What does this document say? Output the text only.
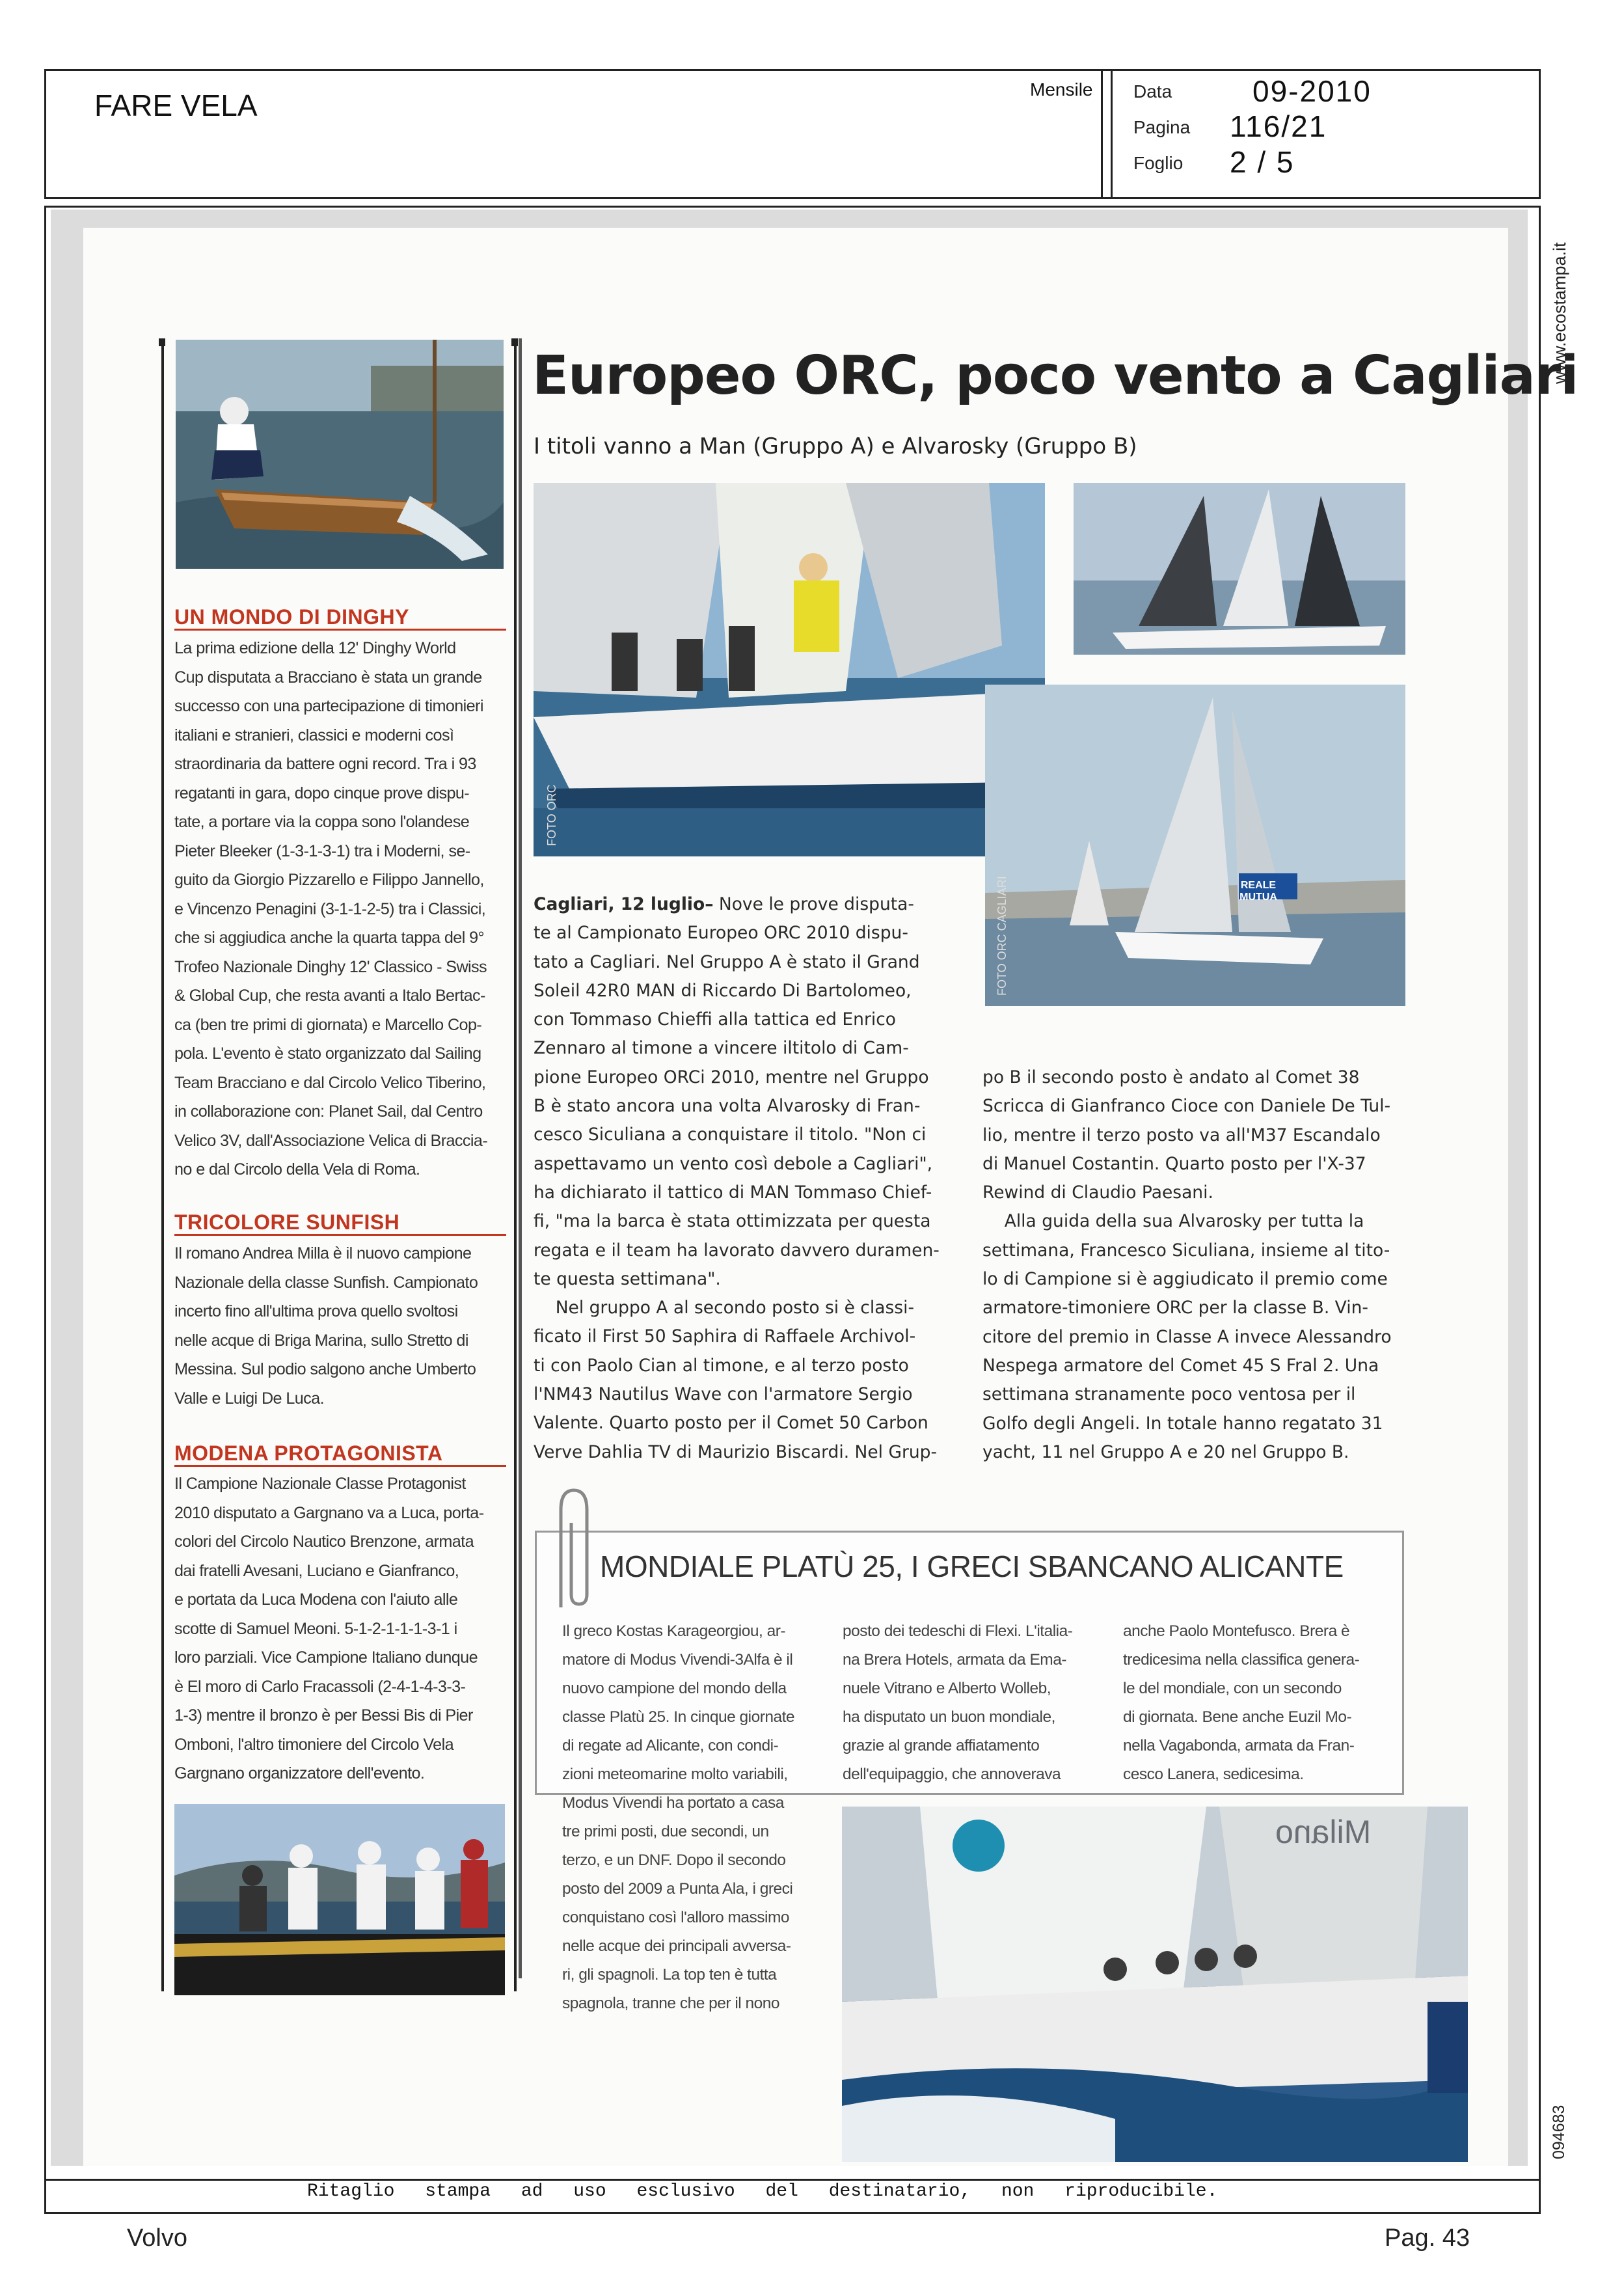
FARE VELA	Mensile Data	09-2010
Pagina 116/21
Foglio 2 / 5
www.ecostampa.it
094683
UN MONDO DI DINGHY
La prima edizione della 12' Dinghy World
Cup disputata a Bracciano è stata un grande
successo con una partecipazione di timonieri
italiani e stranieri, classici e moderni così
straordinaria da battere ogni record. Tra i 93
regatanti in gara, dopo cinque prove dispu-
tate, a portare via la coppa sono l'olandese
Pieter Bleeker (1-3-1-3-1) tra i Moderni, se-
guito da Giorgio Pizzarello e Filippo Jannello,
e Vincenzo Penagini (3-1-1-2-5) tra i Classici,
che si aggiudica anche la quarta tappa del 9°
Trofeo Nazionale Dinghy 12' Classico - Swiss
& Global Cup, che resta avanti a Italo Bertac-
ca (ben tre primi di giornata) e Marcello Cop-
pola. L'evento è stato organizzato dal Sailing
Team Bracciano e dal Circolo Velico Tiberino,
in collaborazione con: Planet Sail, dal Centro
Velico 3V, dall'Associazione Velica di Braccia-
no e dal Circolo della Vela di Roma.
TRICOLORE SUNFISH
Il romano Andrea Milla è il nuovo campione
Nazionale della classe Sunfish. Campionato
incerto fino all'ultima prova quello svoltosi
nelle acque di Briga Marina, sullo Stretto di
Messina. Sul podio salgono anche Umberto
Valle e Luigi De Luca.
MODENA PROTAGONISTA
Il Campione Nazionale Classe Protagonist
2010 disputato a Gargnano va a Luca, porta-
colori del Circolo Nautico Brenzone, armata
dai fratelli Avesani, Luciano e Gianfranco,
e portata da Luca Modena con l'aiuto alle
scotte di Samuel Meoni. 5-1-2-1-1-1-3-1 i
loro parziali. Vice Campione Italiano dunque
è El moro di Carlo Fracassoli (2-4-1-4-3-3-
1-3) mentre il bronzo è per Bessi Bis di Pier
Omboni, l'altro timoniere del Circolo Vela
Gargnano organizzatore dell'evento.
Europeo ORC, poco vento a Cagliari
I titoli vanno a Man (Gruppo A) e Alvarosky (Gruppo B)
FOTO ORC
REALE MUTUA
FOTO ORC CAGLIARI
Cagliari, 12 luglio– Nove le prove disputa-
te al Campionato Europeo ORC 2010 dispu-
tato a Cagliari. Nel Gruppo A è stato il Grand
Soleil 42R0 MAN di Riccardo Di Bartolomeo,
con Tommaso Chieffi alla tattica ed Enrico
Zennaro al timone a vincere iltitolo di Cam-
pione Europeo ORCi 2010, mentre nel Gruppo
B è stato ancora una volta Alvarosky di Fran-
cesco Siculiana a conquistare il titolo. "Non ci
aspettavamo un vento così debole a Cagliari",
ha dichiarato il tattico di MAN Tommaso Chief-
fi, "ma la barca è stata ottimizzata per questa
regata e il team ha lavorato davvero duramen-
te questa settimana".
Nel gruppo A al secondo posto si è classi-
ficato il First 50 Saphira di Raffaele Archivol-
ti con Paolo Cian al timone, e al terzo posto
l'NM43 Nautilus Wave con l'armatore Sergio
Valente. Quarto posto per il Comet 50 Carbon
Verve Dahlia TV di Maurizio Biscardi. Nel Grup-
po B il secondo posto è andato al Comet 38
Scricca di Gianfranco Cioce con Daniele De Tul-
lio, mentre il terzo posto va all'M37 Escandalo
di Manuel Costantin. Quarto posto per l'X-37
Rewind di Claudio Paesani.
Alla guida della sua Alvarosky per tutta la
settimana, Francesco Siculiana, insieme al tito-
lo di Campione si è aggiudicato il premio come
armatore-timoniere ORC per la classe B. Vin-
citore del premio in Classe A invece Alessandro
Nespega armatore del Comet 45 S Fral 2. Una
settimana stranamente poco ventosa per il
Golfo degli Angeli. In totale hanno regatato 31
yacht, 11 nel Gruppo A e 20 nel Gruppo B.
MONDIALE PLATÙ 25, I GRECI SBANCANO ALICANTE
Il greco Kostas Karageorgiou, ar-
matore di Modus Vivendi-3Alfa è il
nuovo campione del mondo della
classe Platù 25. In cinque giornate
di regate ad Alicante, con condi-
zioni meteomarine molto variabili,
Modus Vivendi ha portato a casa
tre primi posti, due secondi, un
terzo, e un DNF. Dopo il secondo
posto del 2009 a Punta Ala, i greci
conquistano così l'alloro massimo
nelle acque dei principali avversa-
ri, gli spagnoli. La top ten è tutta
spagnola, tranne che per il nono
posto dei tedeschi di Flexi. L'italia-
na Brera Hotels, armata da Ema-
nuele Vitrano e Alberto Wolleb,
ha disputato un buon mondiale,
grazie al grande affiatamento
dell'equipaggio, che annoverava
anche Paolo Montefusco. Brera è
tredicesima nella classifica genera-
le del mondiale, con un secondo
di giornata. Bene anche Euzil Mo-
nella Vagabonda, armata da Fran-
cesco Lanera, sedicesima.
Milano
Ritaglio stampa ad uso esclusivo del destinatario, non riproducibile.
Volvo	Pag. 43
